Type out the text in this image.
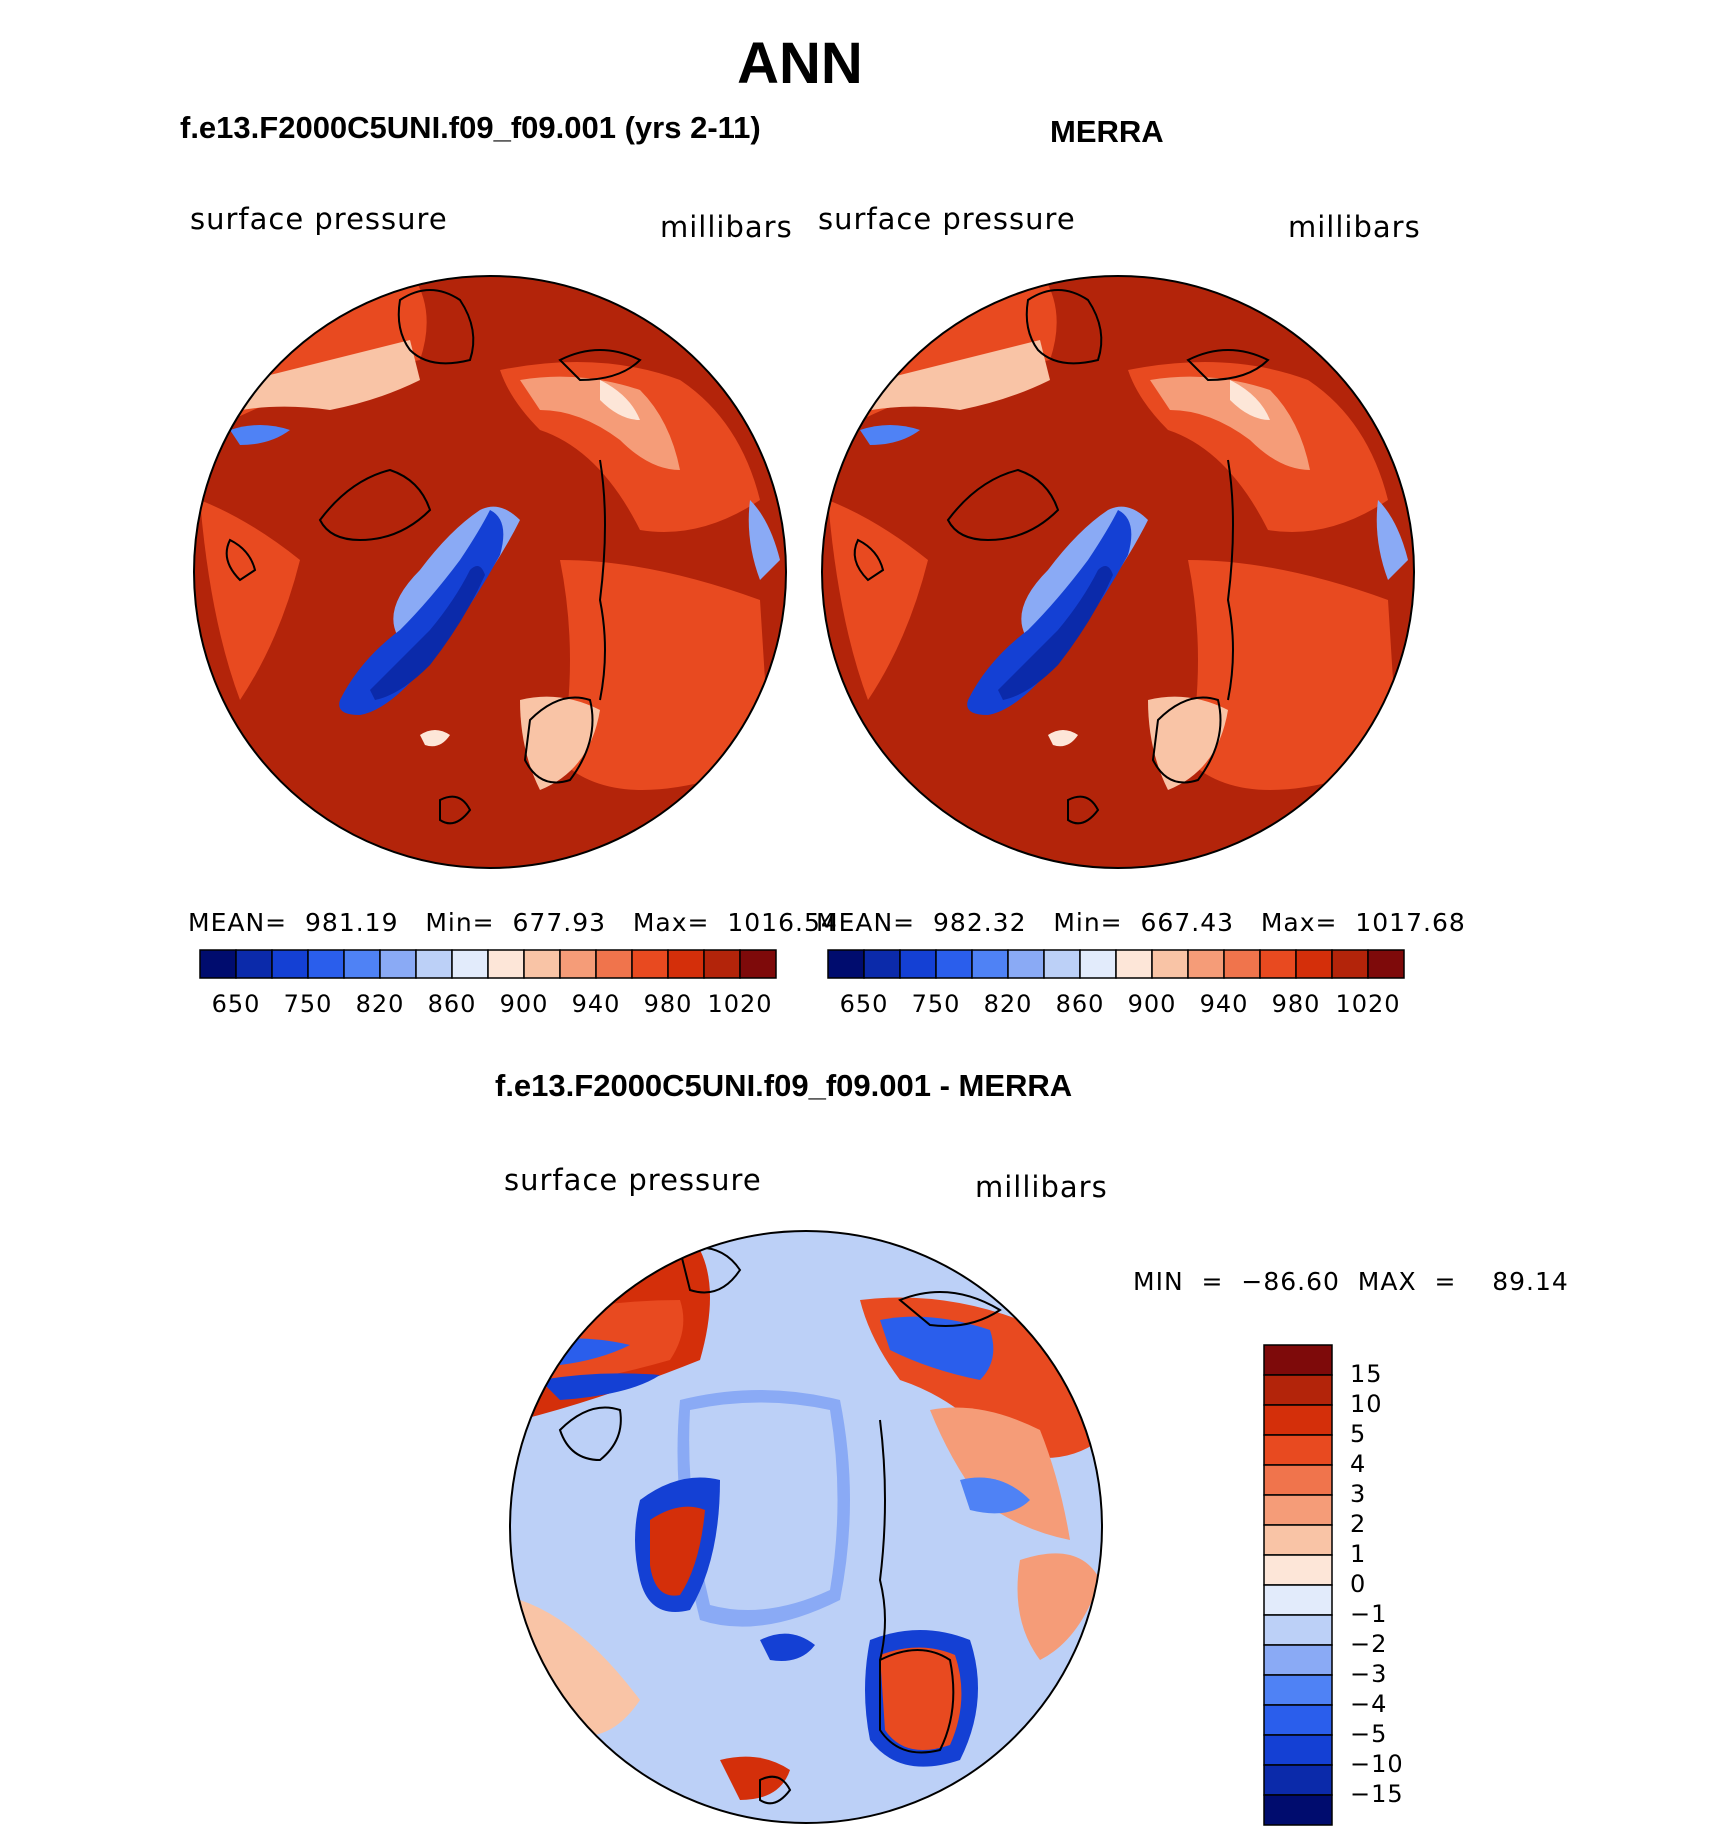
ANN
f.e13.F2000C5UNI.f09_f09.001 (yrs 2-11)	MERRA
surface pressure	millibars surface pressure	millibars
MEAN=  981.19   Min=  677.93   Max=  1016.54
MEAN=  982.32   Min=  667.43   Max=  1017.68
650 750 820 860 900 940 980 1020	650 750 820 860 900 940 980 1020
f.e13.F2000C5UNI.f09_f09.001 - MERRA
surface pressure	millibars
MIN  =  −86.60  MAX  =    89.14
15
10
5
4
3
2
1
0
−1
−2
−3
−4
−5
−10
−15
